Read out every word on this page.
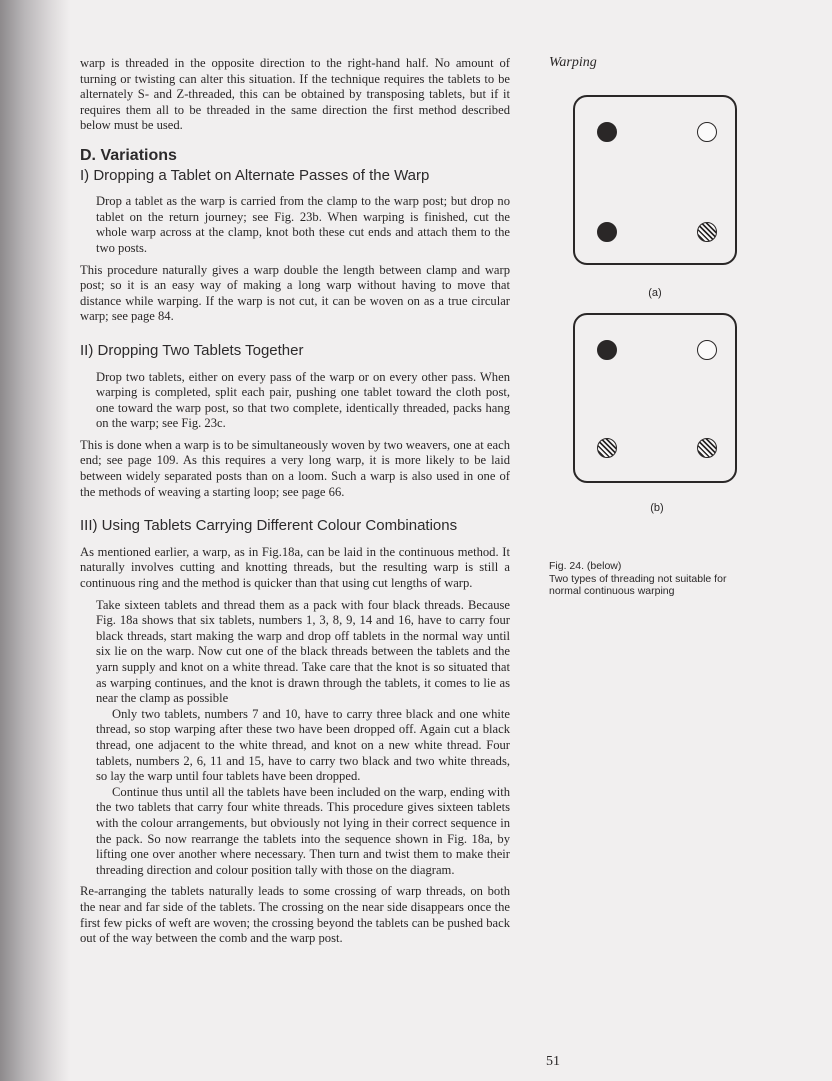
Warping

warp is threaded in the opposite direction to the right-hand half. No amount of turning or twisting can alter this situation. If the technique requires the tablets to be alternately S- and Z-threaded, this can be obtained by transposing tablets, but if it requires them all to be threaded in the same direction the first method described below must be used.

D. Variations
I) Dropping a Tablet on Alternate Passes of the Warp

Drop a tablet as the warp is carried from the clamp to the warp post; but drop no tablet on the return journey; see Fig. 23b. When warping is finished, cut the whole warp across at the clamp, knot both these cut ends and attach them to the two posts.

This procedure naturally gives a warp double the length between clamp and warp post; so it is an easy way of making a long warp without having to move that distance while warping. If the warp is not cut, it can be woven on as a true circular warp; see page 84.

II) Dropping Two Tablets Together

Drop two tablets, either on every pass of the warp or on every other pass. When warping is completed, split each pair, pushing one tablet toward the cloth post, one toward the warp post, so that two complete, identically threaded, packs hang on the warp; see Fig. 23c.

This is done when a warp is to be simultaneously woven by two weavers, one at each end; see page 109. As this requires a very long warp, it is more likely to be laid between widely separated posts than on a loom. Such a warp is also used in one of the methods of weaving a starting loop; see page 66.

III) Using Tablets Carrying Different Colour Combinations

As mentioned earlier, a warp, as in Fig.18a, can be laid in the continuous method. It naturally involves cutting and knotting threads, but the resulting warp is still a continuous ring and the method is quicker than that using cut lengths of warp.

Take sixteen tablets and thread them as a pack with four black threads. Because Fig. 18a shows that six tablets, numbers 1, 3, 8, 9, 14 and 16, have to carry four black threads, start making the warp and drop off tablets in the normal way until six lie on the warp. Now cut one of the black threads between the tablets and the yarn supply and knot on a white thread. Take care that the knot is so situated that as warping continues, and the knot is drawn through the tablets, it comes to lie as near the clamp as possible

Only two tablets, numbers 7 and 10, have to carry three black and one white thread, so stop warping after these two have been dropped off. Again cut a black thread, one adjacent to the white thread, and knot on a new white thread. Four tablets, numbers 2, 6, 11 and 15, have to carry two black and two white threads, so lay the warp until four tablets have been dropped.

Continue thus until all the tablets have been included on the warp, ending with the two tablets that carry four white threads. This procedure gives sixteen tablets with the colour arrangements, but obviously not lying in their correct sequence in the pack. So now rearrange the tablets into the sequence shown in Fig. 18a, by lifting one over another where necessary. Then turn and twist them to make their threading direction and colour position tally with those on the diagram.

Re-arranging the tablets naturally leads to some crossing of warp threads, on both the near and far side of the tablets. The crossing on the near side disappears once the first few picks of weft are woven; the crossing beyond the tablets can be pushed back out of the way between the comb and the warp post.

(a)
(b)
Fig. 24. (below)
Two types of threading not suitable for normal continuous warping
51
